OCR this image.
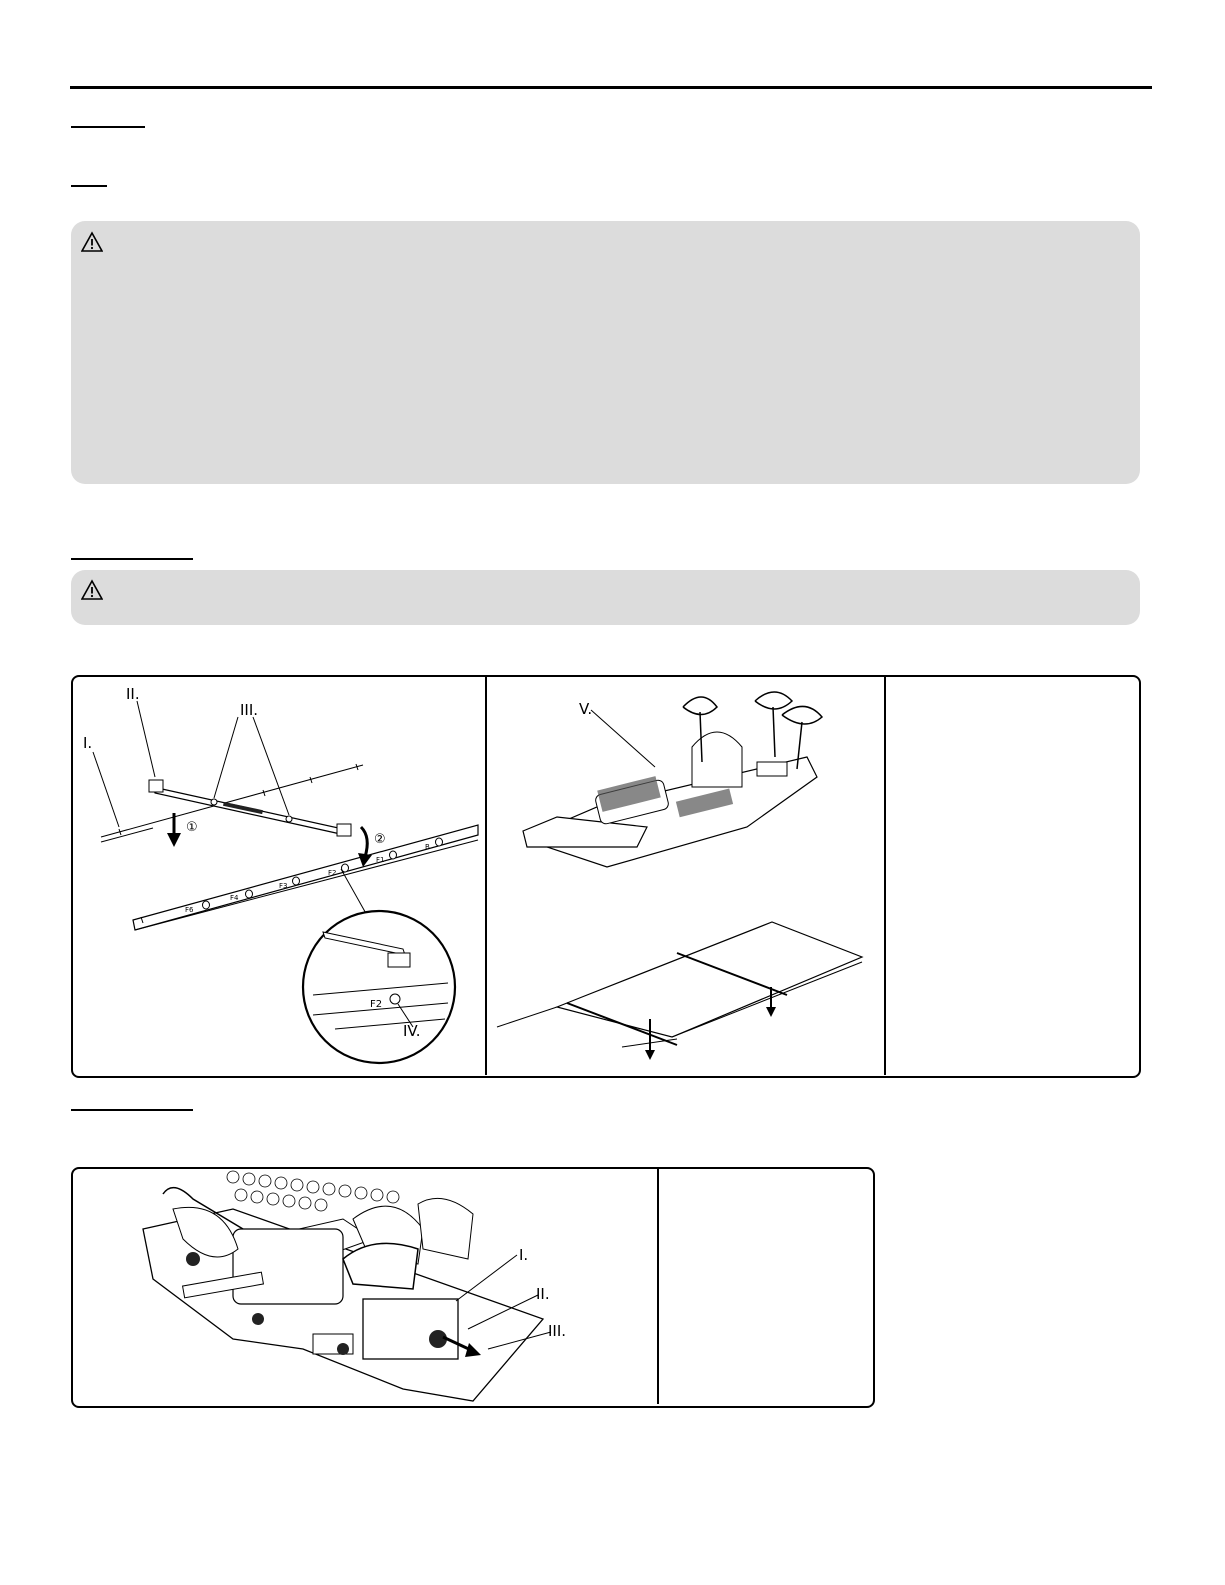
F6
F4
F3
F2
F1
B
F2
I.
II.
III.
IV.
①
②
V.
I.
II.
III.
